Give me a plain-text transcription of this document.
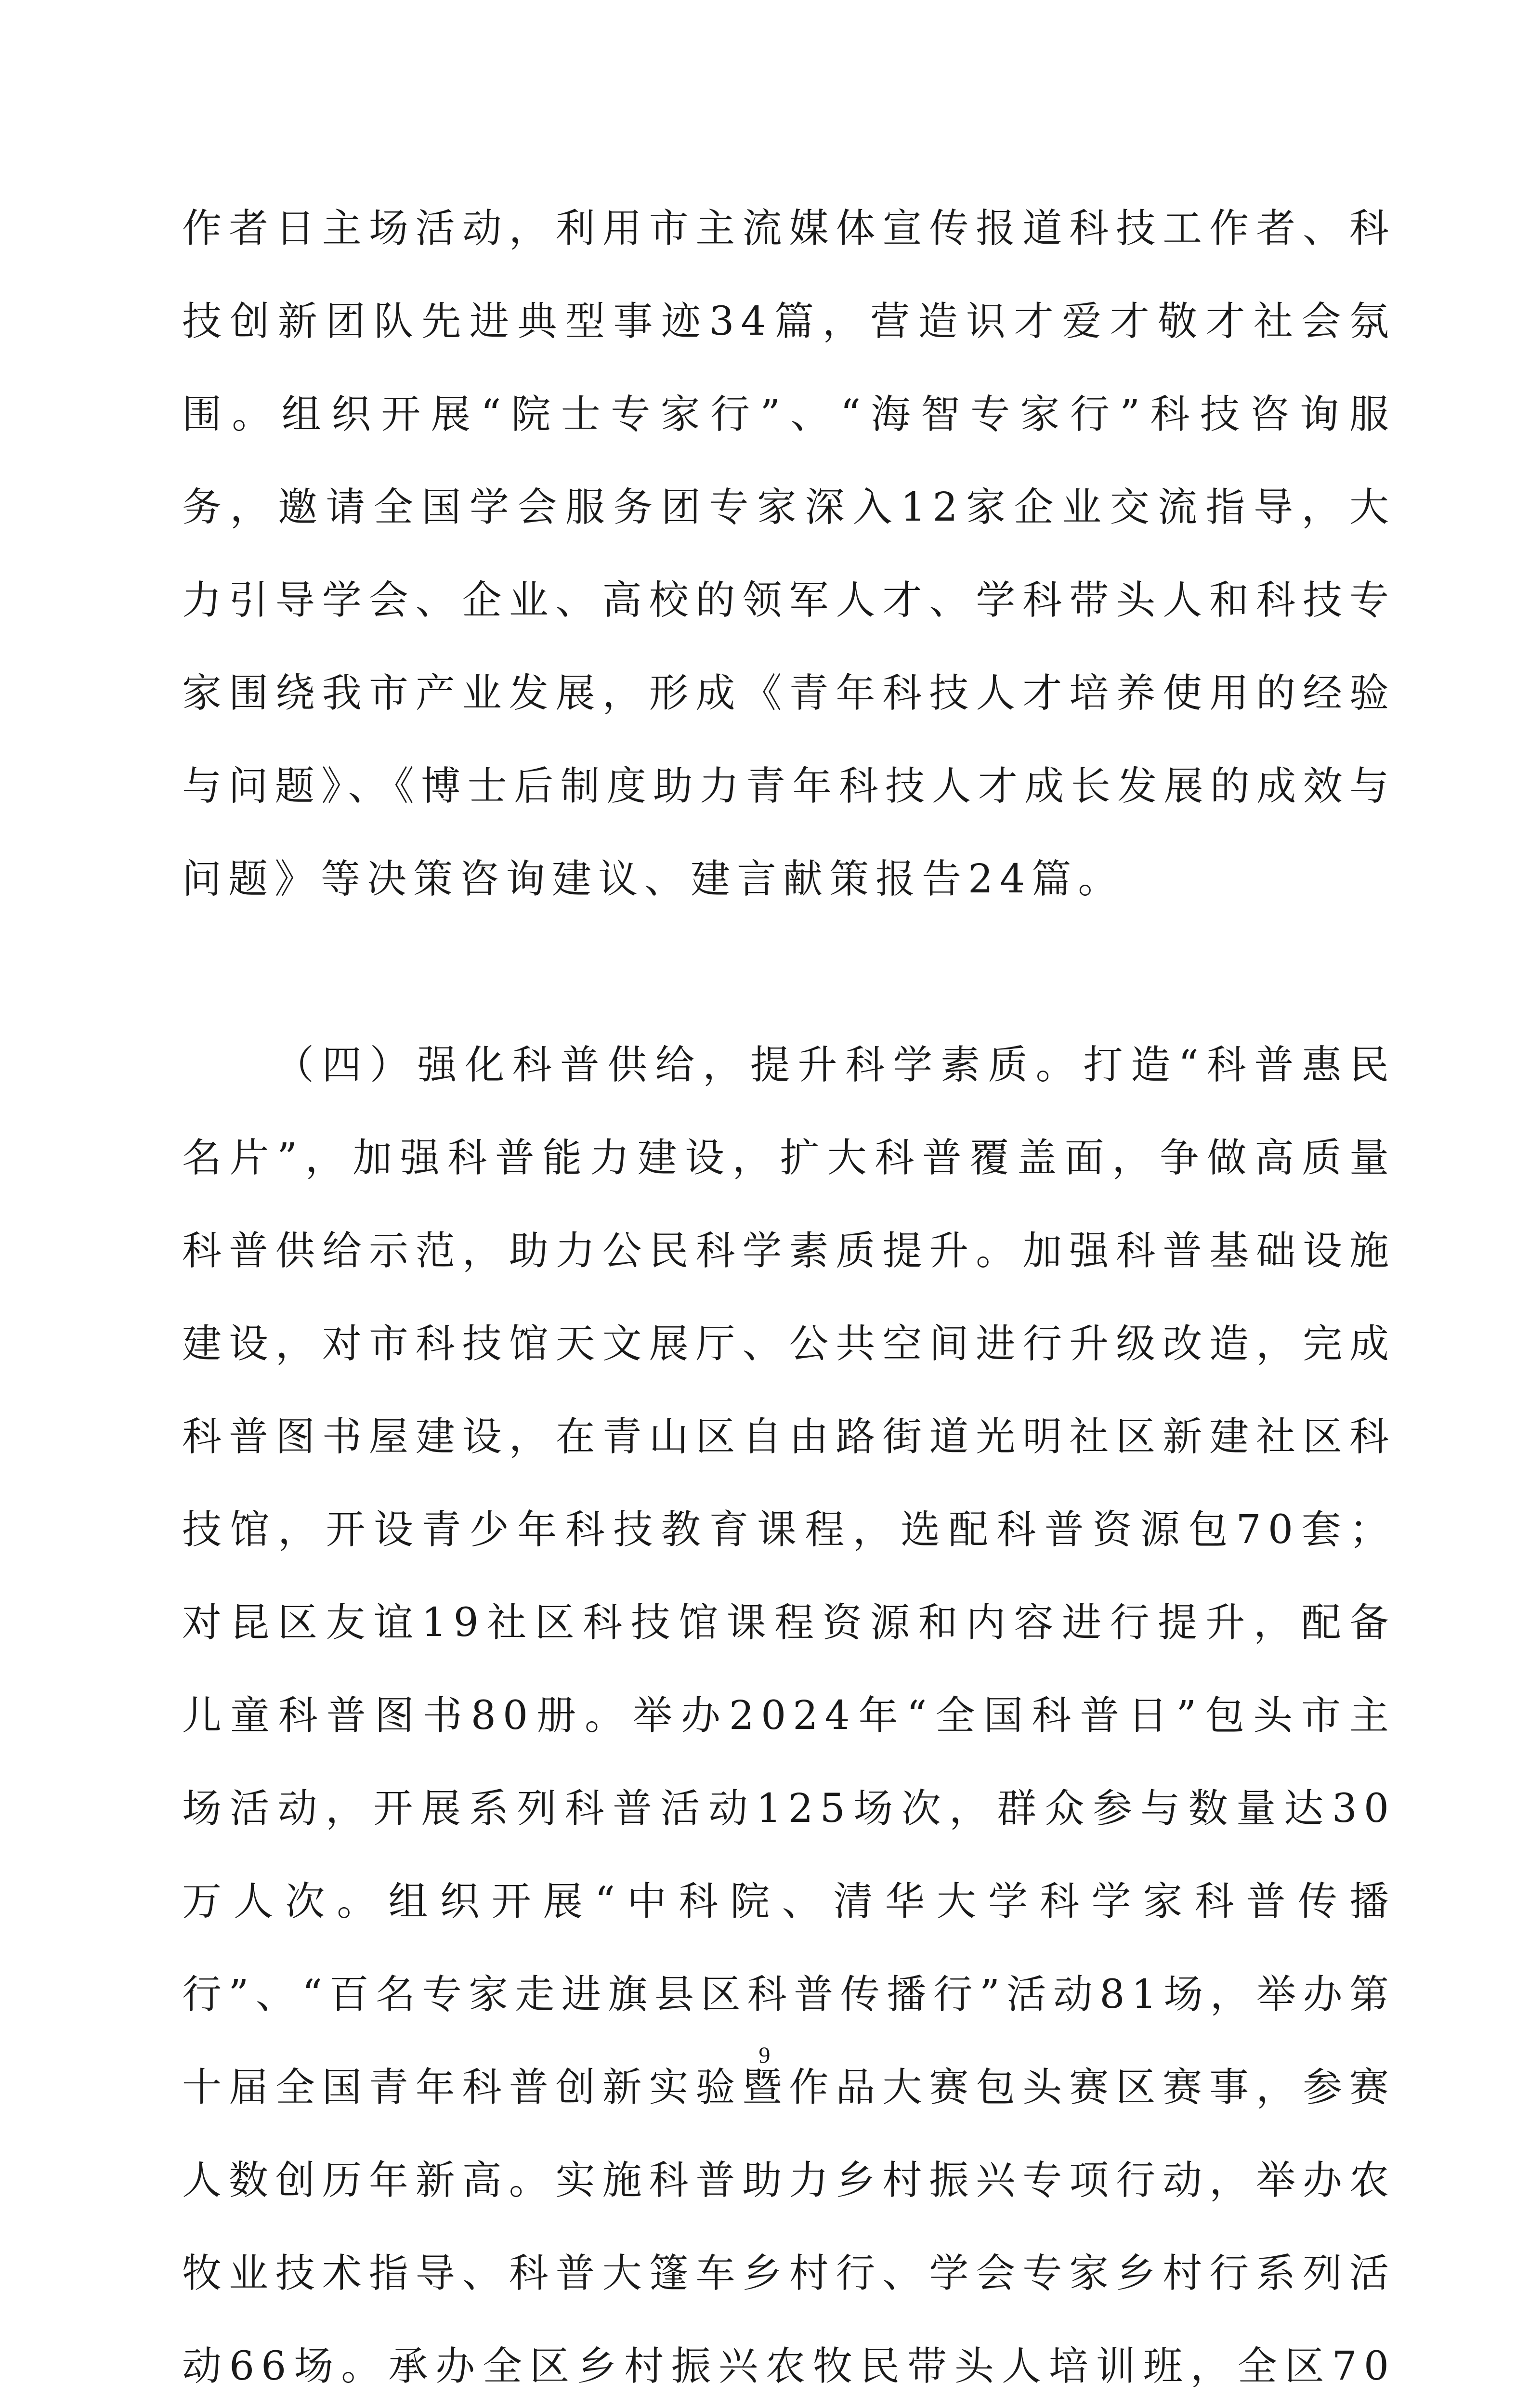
作者日主场活动，利用市主流媒体宣传报道科技工作者、科技创新团队先进典型事迹34篇，营造识才爱才敬才社会氛围。组织开展“院士专家行”、“海智专家行”科技咨询服务，邀请全国学会服务团专家深入12家企业交流指导，大力引导学会、企业、高校的领军人才、学科带头人和科技专家围绕我市产业发展，形成《青年科技人才培养使用的经验与问题》、《博士后制度助力青年科技人才成长发展的成效与问题》等决策咨询建议、建言献策报告24篇。

（四）强化科普供给，提升科学素质。打造“科普惠民名片”，加强科普能力建设，扩大科普覆盖面，争做高质量科普供给示范，助力公民科学素质提升。加强科普基础设施建设，对市科技馆天文展厅、公共空间进行升级改造，完成科普图书屋建设，在青山区自由路街道光明社区新建社区科技馆，开设青少年科技教育课程，选配科普资源包70套；对昆区友谊19社区科技馆课程资源和内容进行提升，配备儿童科普图书80册。举办2024年“全国科普日”包头市主场活动，开展系列科普活动125场次，群众参与数量达30万人次。组织开展“中科院、清华大学科学家科普传播行”、“百名专家走进旗县区科普传播行”活动81场，举办第十届全国青年科普创新实验暨作品大赛包头赛区赛事，参赛人数创历年新高。实施科普助力乡村振兴专项行动，举办农牧业技术指导、科普大篷车乡村行、学会专家乡村行系列活动66场。承办全区乡村振兴农牧民带头人培训班，全区70

9
